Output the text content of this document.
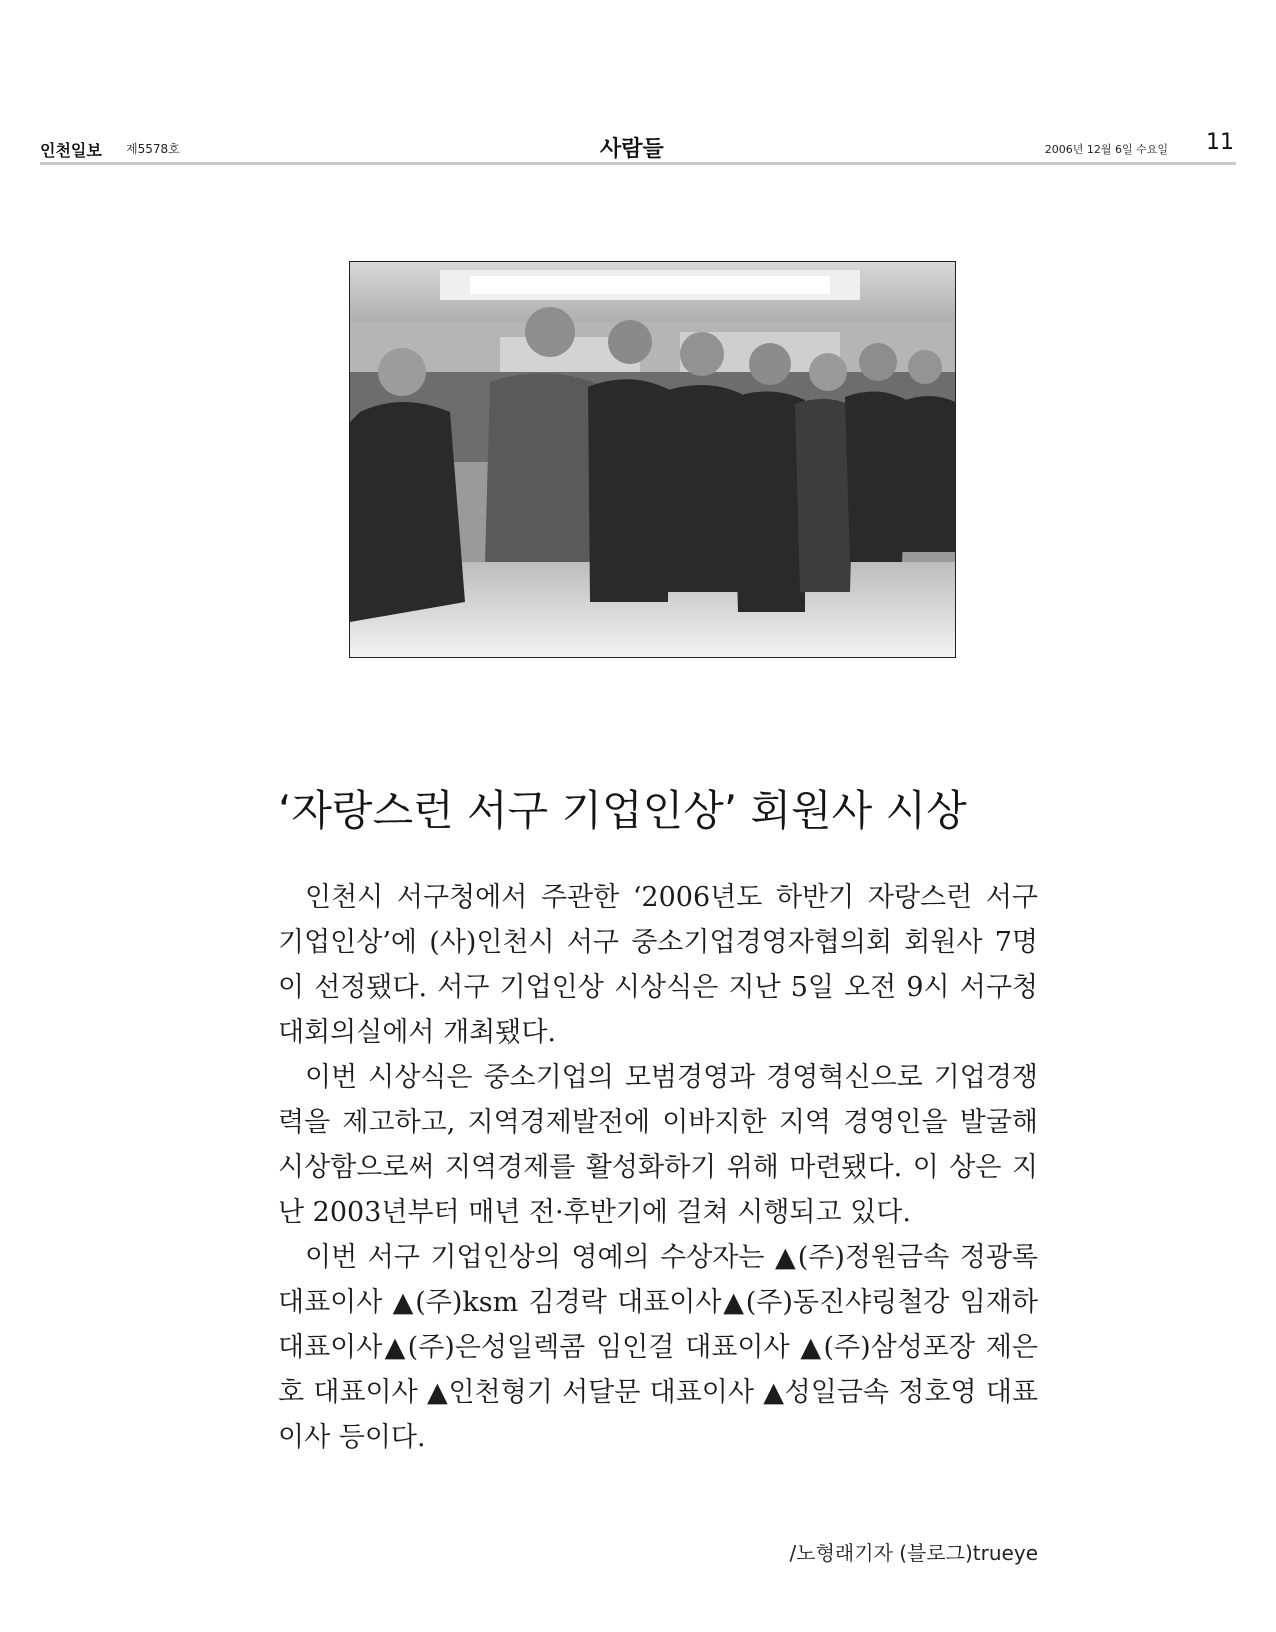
인천일보 제5578호	사람들	2006년 12월 6일 수요일 11
‘자랑스런 서구 기업인상’ 회원사 시상

인천시 서구청에서 주관한 ‘2006년도 하반기 자랑스런 서구 기업인상’에 (사)인천시 서구 중소기업경영자협의회 회원사 7명이 선정됐다. 서구 기업인상 시상식은 지난 5일 오전 9시 서구청 대회의실에서 개최됐다.

이번 시상식은 중소기업의 모범경영과 경영혁신으로 기업경쟁력을 제고하고, 지역경제발전에 이바지한 지역 경영인을 발굴해 시상함으로써 지역경제를 활성화하기 위해 마련됐다. 이 상은 지난 2003년부터 매년 전·후반기에 걸쳐 시행되고 있다.

이번 서구 기업인상의 영예의 수상자는 ▲(주)정원금속 정광록 대표이사 ▲(주)ksm 김경락 대표이사▲(주)동진샤링철강 임재하 대표이사▲(주)은성일렉콤 임인걸 대표이사 ▲(주)삼성포장 제은호 대표이사 ▲인천형기 서달문 대표이사 ▲성일금속 정호영 대표이사 등이다.

/노형래기자 (블로그)trueye
